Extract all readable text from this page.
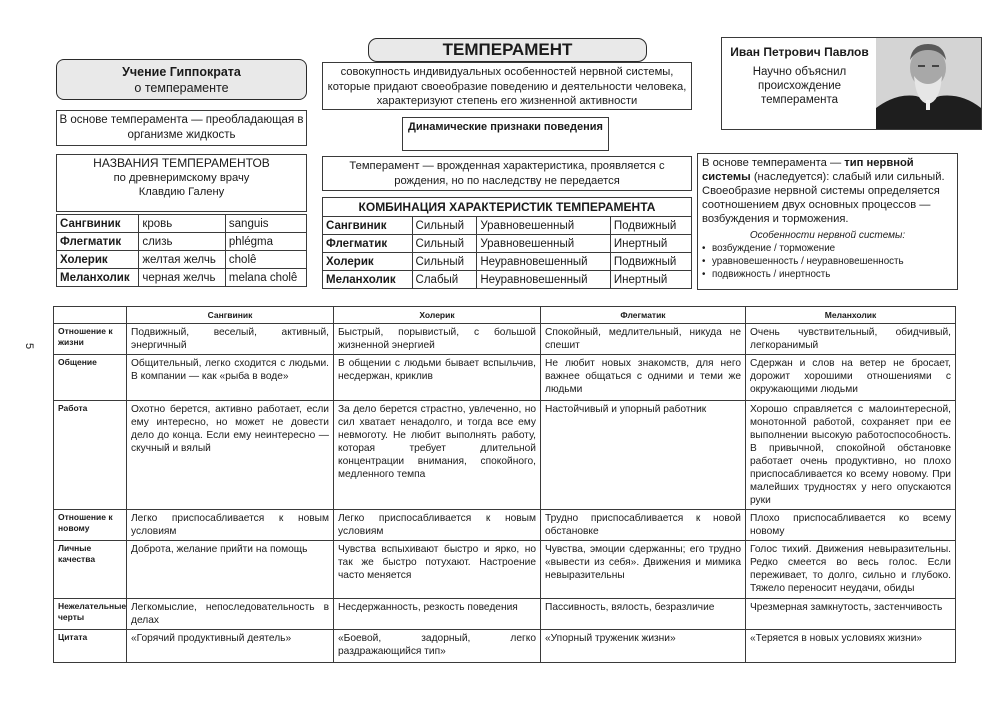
Учение Гиппократа
о темпераменте
В основе темперамента — преобладающая в организме жидкость
НАЗВАНИЯ ТЕМПЕРАМЕНТОВ
по древнеримскому врачу
Клавдию Галену
Сангвиник	кровь	sanguis
Флегматик	слизь	phlégma
Холерик	желтая желчь	cholê
Меланхолик	черная желчь	melana cholê
ТЕМПЕРАМЕНТ
совокупность индивидуальных особенностей нервной системы, которые придают своеобразие поведению и деятельности человека, характеризуют степень его жизненной активности
Динамические признаки поведения
Темперамент — врожденная характеристика, проявляется с рождения, но по наследству не передается
КОМБИНАЦИЯ ХАРАКТЕРИСТИК ТЕМПЕРАМЕНТА			
Сангвиник	Сильный	Уравновешенный	Подвижный
Флегматик	Сильный	Уравновешенный	Инертный
Холерик	Сильный	Неуравновешенный	Подвижный
Меланхолик	Слабый	Неуравновешенный	Инертный
Иван Петрович Павлов
Научно объяснил происхождение темперамента
В основе темперамента — тип нервной системы (наследуется): слабый или сильный.
Своеобразие нервной системы определяется соотношением двух основных процессов — возбуждения и торможения.
Особенности нервной системы:
• возбуждение / торможение
• уравновешенность / неуравновешенность
• подвижность / инертность
5
	Сангвиник	Холерик	Флегматик	Меланхолик
Отношение к жизни	Подвижный, веселый, активный, энергичный	Быстрый, порывистый, с большой жизненной энергией	Спокойный, медлительный, никуда не спешит	Очень чувствительный, обидчивый, легкоранимый
Общение	Общительный, легко сходится с людьми. В компании — как «рыба в воде»	В общении с людьми бывает вспыльчив, несдержан, криклив	Не любит новых знакомств, для него важнее общаться с одними и теми же людьми	Сдержан и слов на ветер не бросает, дорожит хорошими отношениями с окружающими людьми
Работа	Охотно берется, активно работает, если ему интересно, но может не довести дело до конца. Если ему неинтересно — скучный и вялый	За дело берется страстно, увлеченно, но сил хватает ненадолго, и тогда все ему невмоготу. Не любит выполнять работу, которая требует длительной концентрации внимания, спокойного, медленного темпа	Настойчивый и упорный работник	Хорошо справляется с малоинтересной, монотонной работой, сохраняет при ее выполнении высокую работоспособность. В привычной, спокойной обстановке работает очень продуктивно, но плохо приспосабливается ко всему новому. При малейших трудностях у него опускаются руки
Отношение к новому	Легко приспосабливается к новым условиям	Легко приспосабливается к новым условиям	Трудно приспосабливается к новой обстановке	Плохо приспосабливается ко всему новому
Личные качества	Доброта, желание прийти на помощь	Чувства вспыхивают быстро и ярко, но так же быстро потухают. Настроение часто меняется	Чувства, эмоции сдержанны; его трудно «вывести из себя». Движения и мимика невыразительны	Голос тихий. Движения невыразительны. Редко смеется во весь голос. Если переживает, то долго, сильно и глубоко. Тяжело переносит неудачи, обиды
Нежелательные черты	Легкомыслие, непоследовательность в делах	Несдержанность, резкость поведения	Пассивность, вялость, безразличие	Чрезмерная замкнутость, застенчивость
Цитата	«Горячий продуктивный деятель»	«Боевой, задорный, легко раздражающийся тип»	«Упорный труженик жизни»	«Теряется в новых условиях жизни»
